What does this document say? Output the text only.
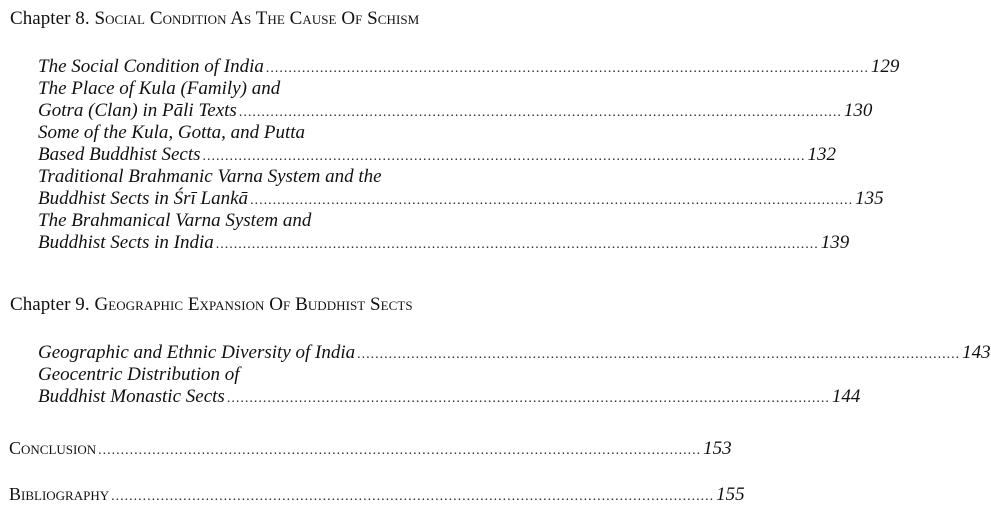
Chapter 8. Social Condition As The Cause Of Schism
The Social Condition of India ...................................................................................................................................... 129
The Place of Kula (Family) and
Gotra (Clan) in Pāli Texts ...................................................................................................................................... 130
Some of the Kula, Gotta, and Putta
Based Buddhist Sects ...................................................................................................................................... 132
Traditional Brahmanic Varna System and the
Buddhist Sects in Śrī Lankā ...................................................................................................................................... 135
The Brahmanical Varna System and
Buddhist Sects in India ...................................................................................................................................... 139
Chapter 9. Geographic Expansion Of Buddhist Sects
Geographic and Ethnic Diversity of India ...................................................................................................................................... 143
Geocentric Distribution of
Buddhist Monastic Sects ...................................................................................................................................... 144
Conclusion ...................................................................................................................................... 153
Bibliography ...................................................................................................................................... 155
